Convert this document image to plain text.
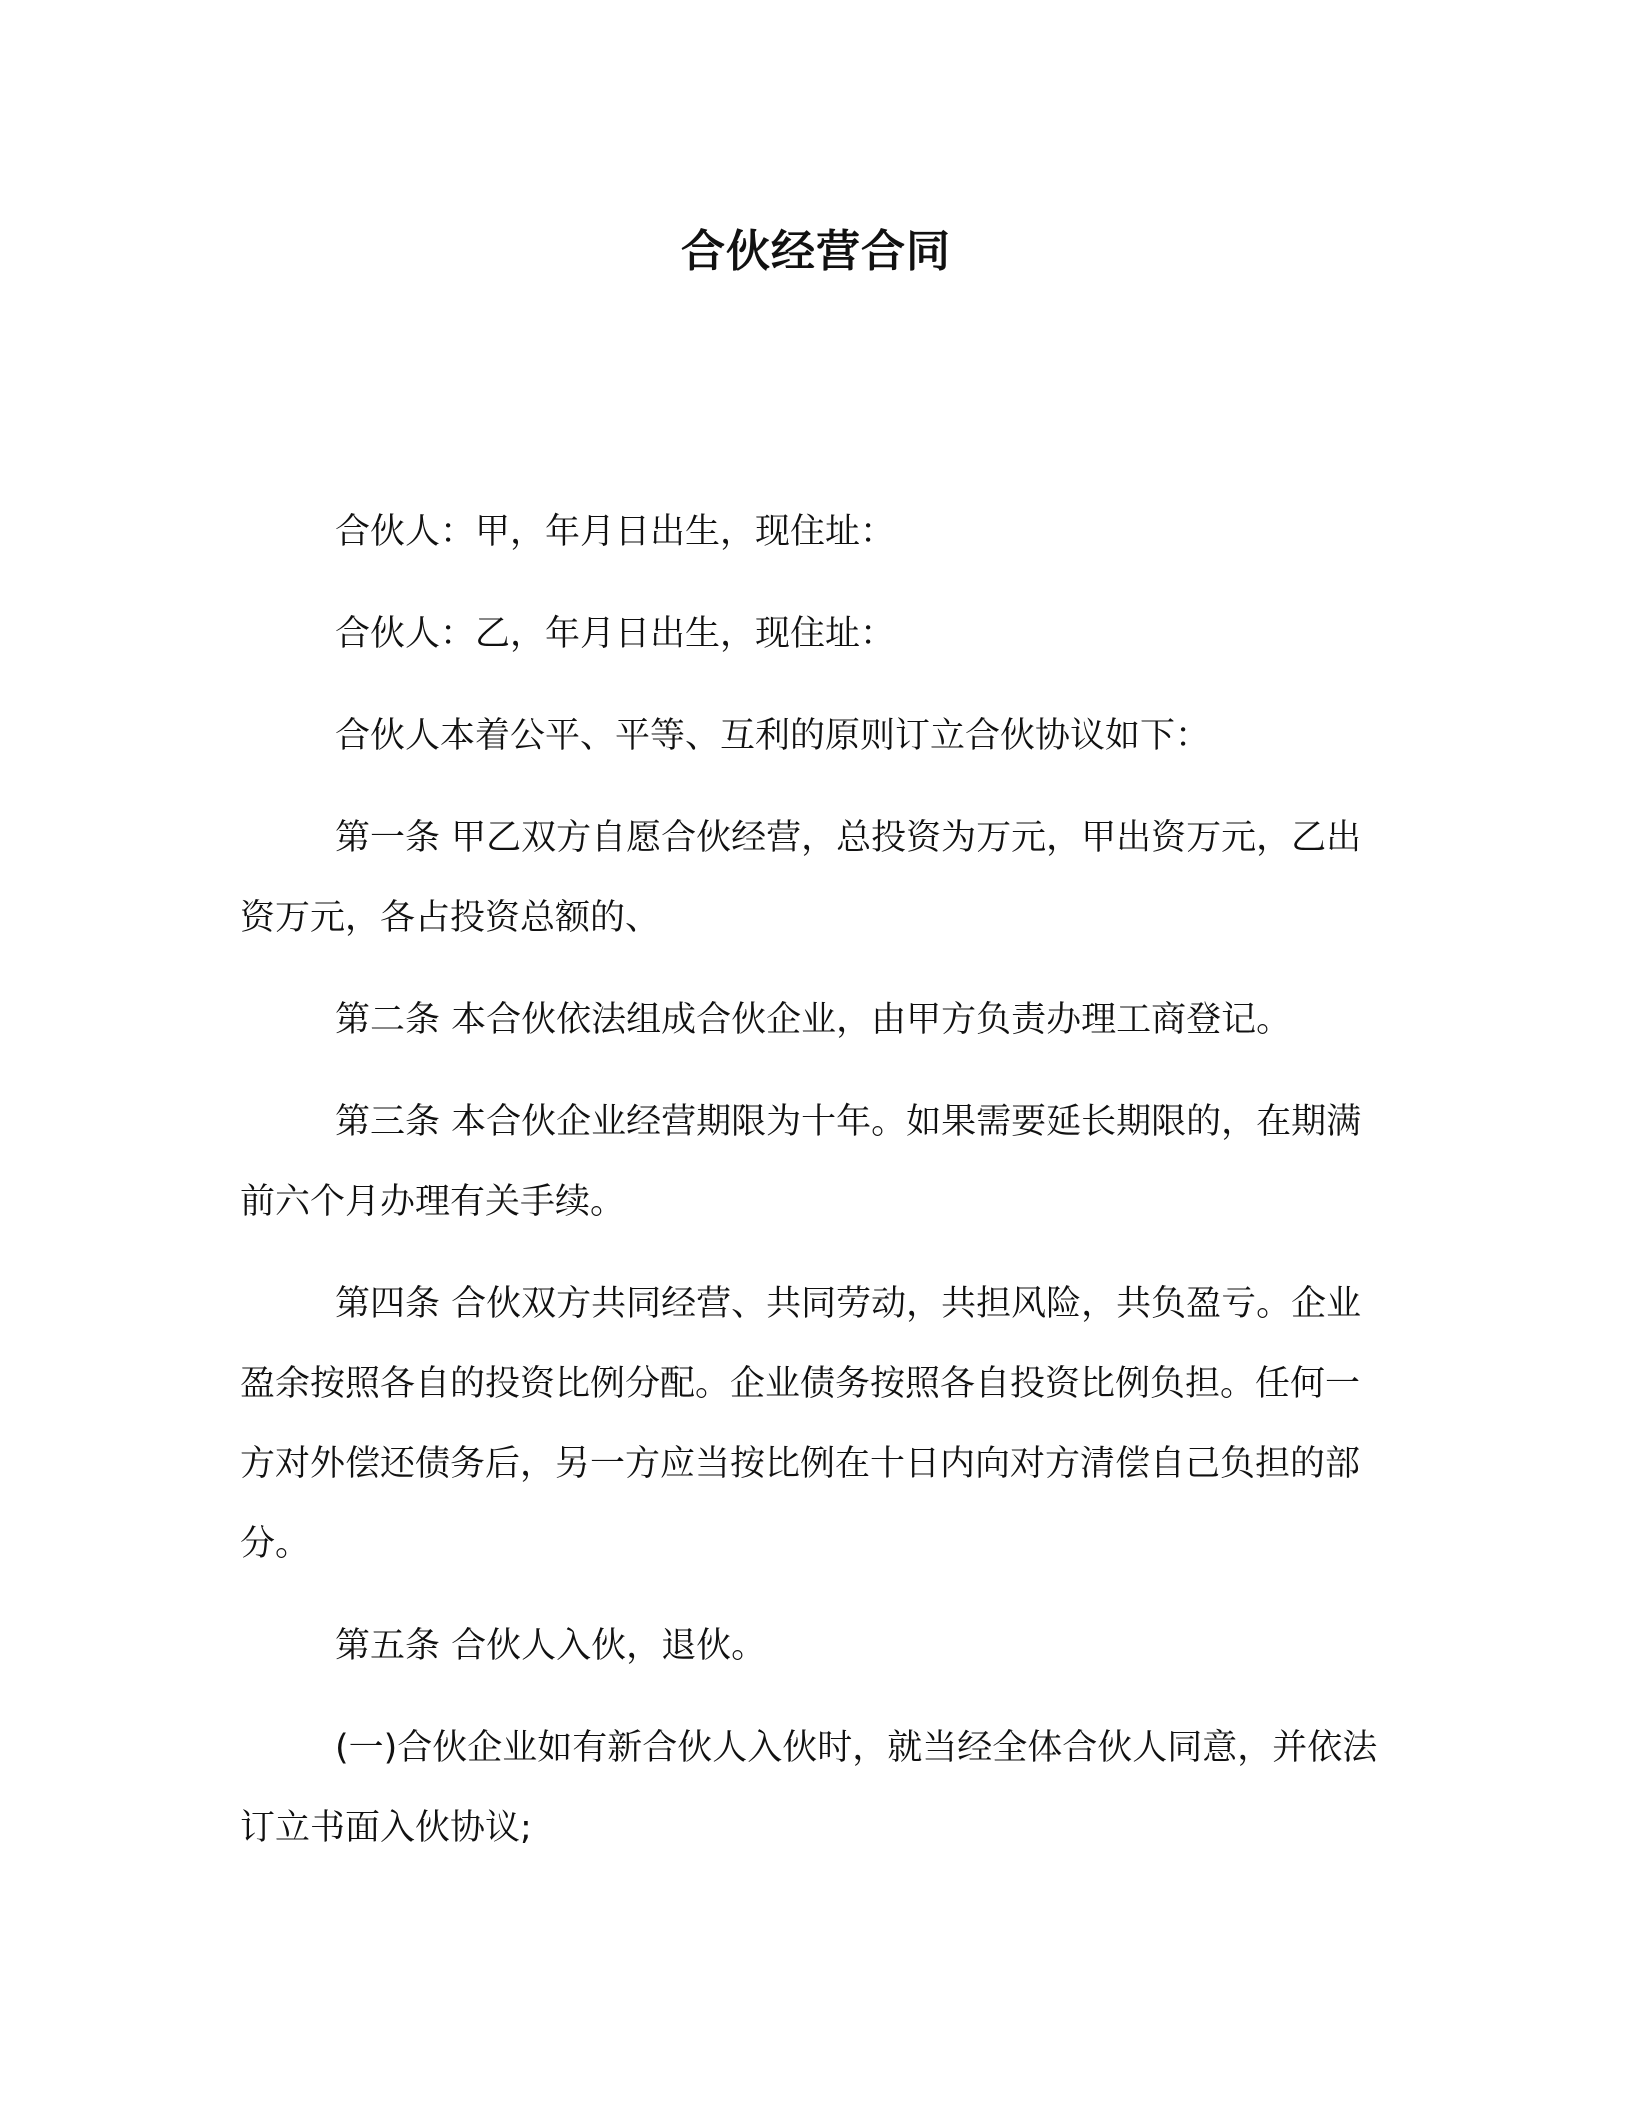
合伙经营合同

合伙人：甲，年月日出生，现住址：

合伙人：乙，年月日出生，现住址：

合伙人本着公平、平等、互利的原则订立合伙协议如下：

第一条 甲乙双方自愿合伙经营，总投资为万元，甲出资万元，乙出资万元，各占投资总额的、

第二条 本合伙依法组成合伙企业，由甲方负责办理工商登记。

第三条 本合伙企业经营期限为十年。如果需要延长期限的，在期满前六个月办理有关手续。

第四条 合伙双方共同经营、共同劳动，共担风险，共负盈亏。企业盈余按照各自的投资比例分配。企业债务按照各自投资比例负担。任何一方对外偿还债务后，另一方应当按比例在十日内向对方清偿自己负担的部分。

第五条 合伙人入伙，退伙。

(一)合伙企业如有新合伙人入伙时，就当经全体合伙人同意，并依法订立书面入伙协议;
